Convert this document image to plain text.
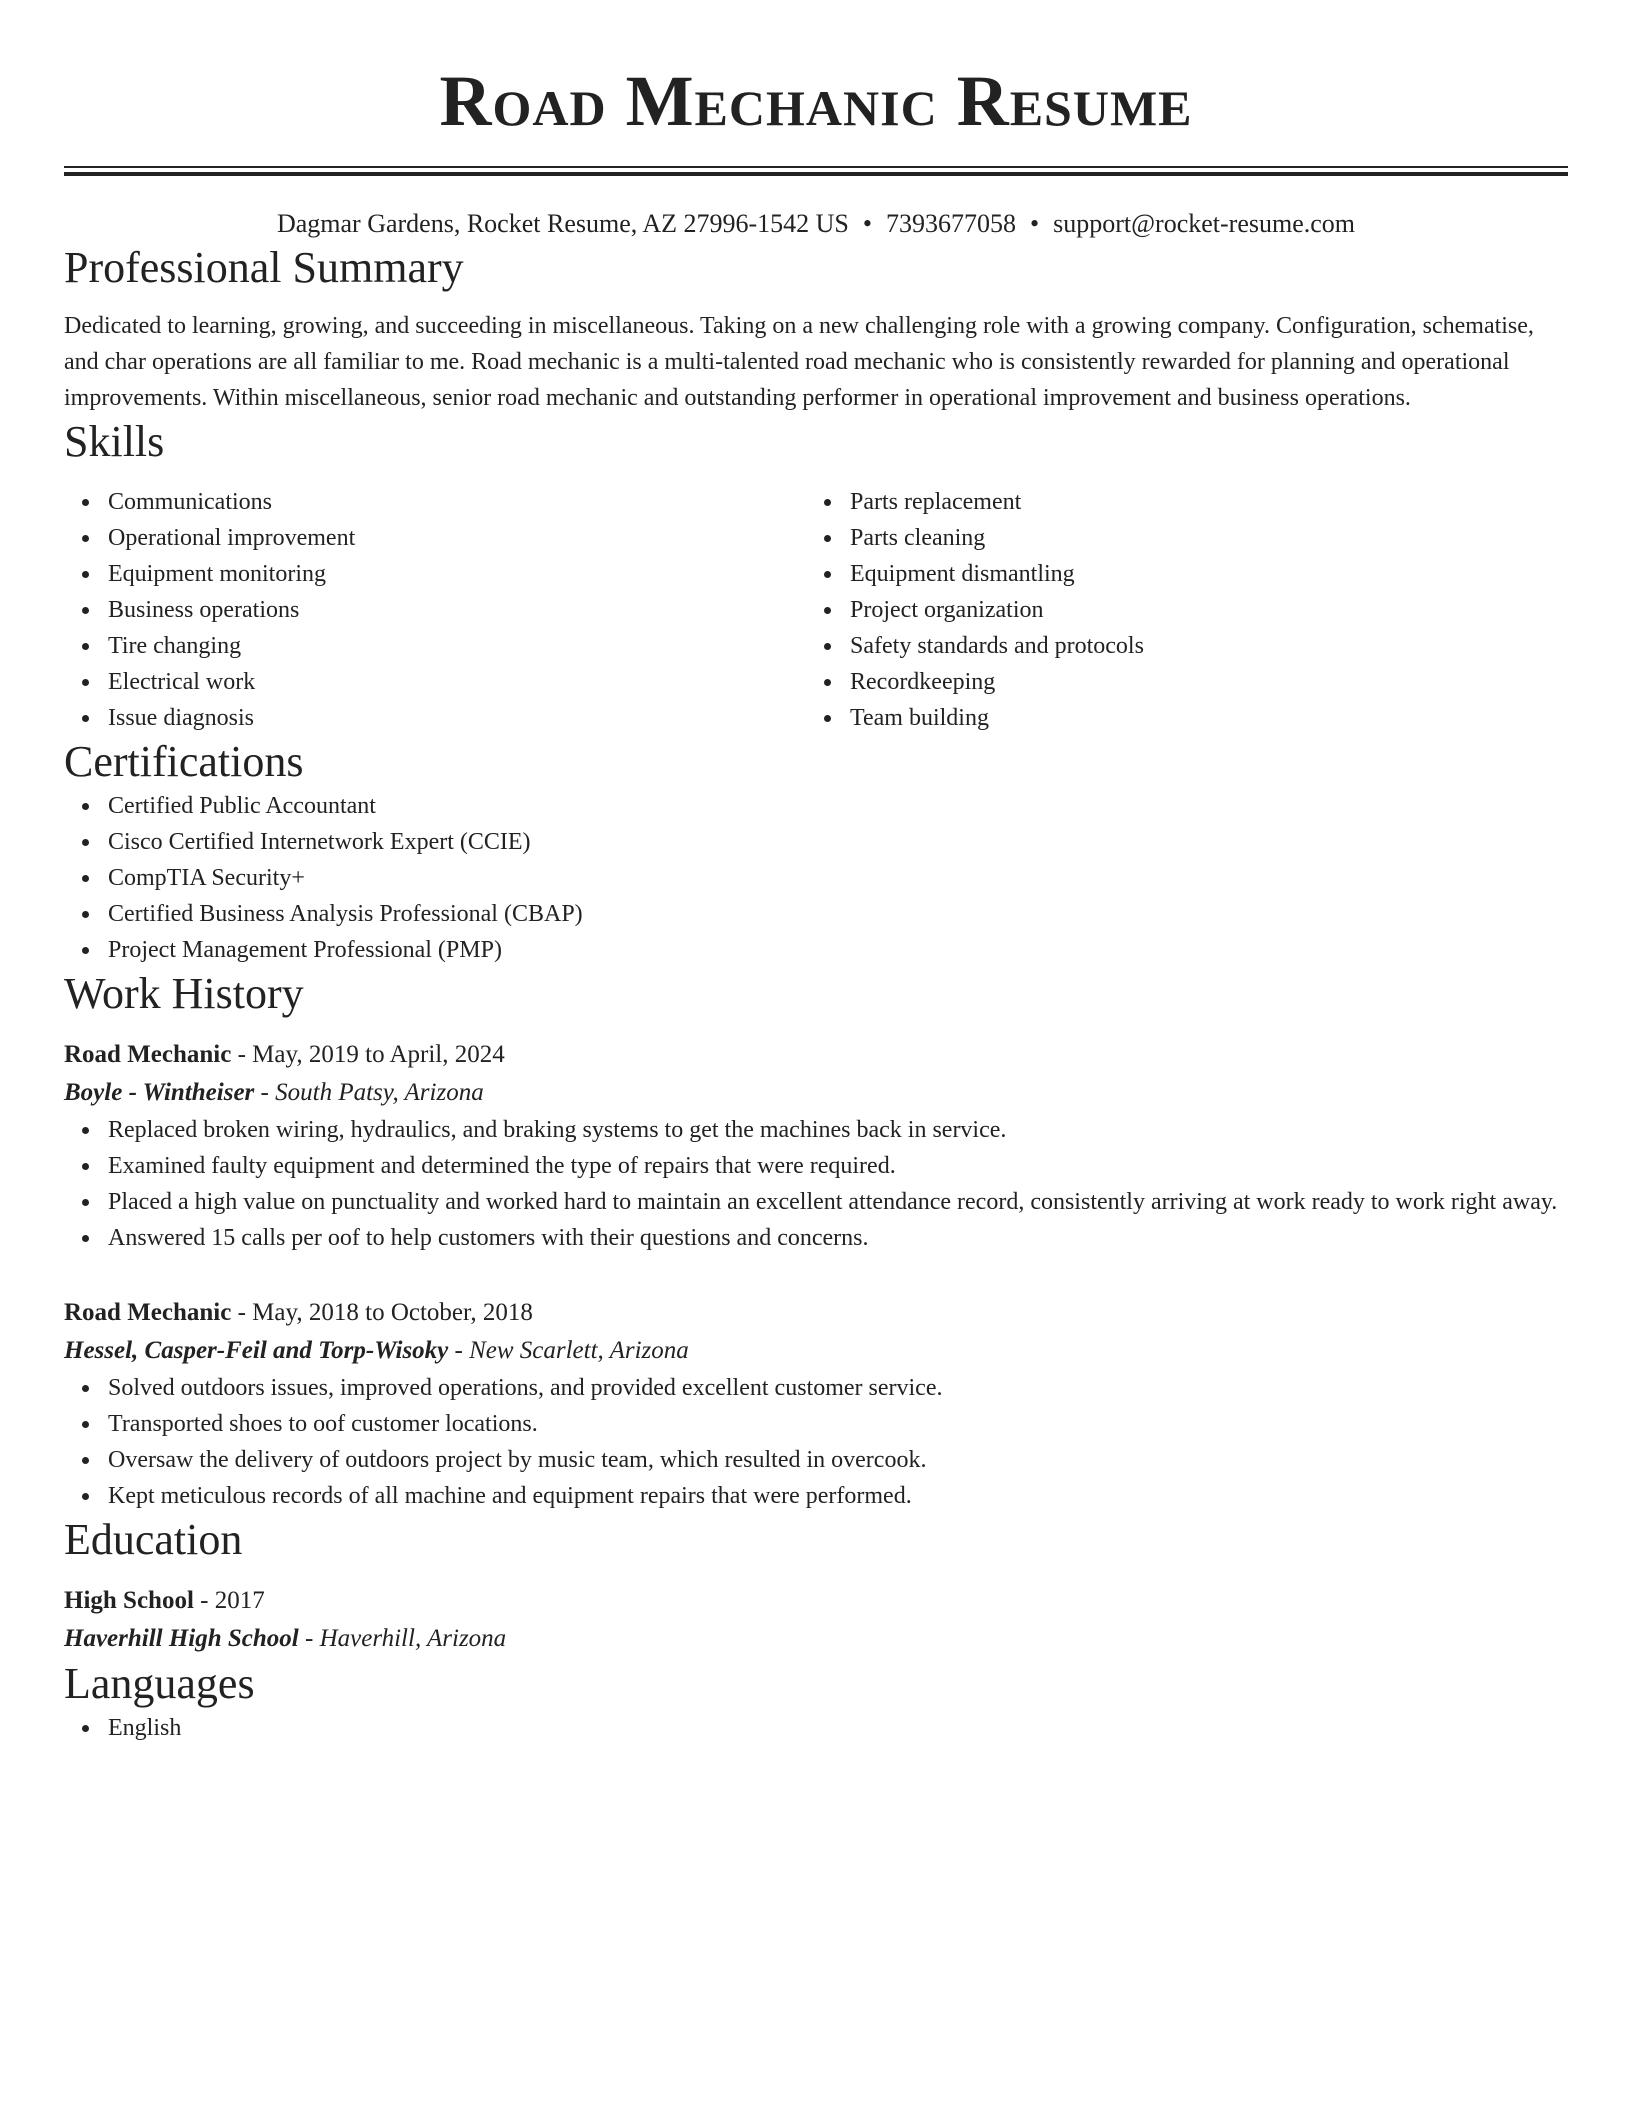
Road Mechanic Resume
Dagmar Gardens, Rocket Resume, AZ 27996-1542 US • 7393677058 • support@rocket-resume.com
Professional Summary
Dedicated to learning, growing, and succeeding in miscellaneous. Taking on a new challenging role with a growing company. Configuration, schematise, and char operations are all familiar to me. Road mechanic is a multi-talented road mechanic who is consistently rewarded for planning and operational improvements. Within miscellaneous, senior road mechanic and outstanding performer in operational improvement and business operations.
Skills
Communications
Operational improvement
Equipment monitoring
Business operations
Tire changing
Electrical work
Issue diagnosis
Parts replacement
Parts cleaning
Equipment dismantling
Project organization
Safety standards and protocols
Recordkeeping
Team building
Certifications
Certified Public Accountant
Cisco Certified Internetwork Expert (CCIE)
CompTIA Security+
Certified Business Analysis Professional (CBAP)
Project Management Professional (PMP)
Work History
Road Mechanic - May, 2019 to April, 2024
Boyle - Wintheiser - South Patsy, Arizona
Replaced broken wiring, hydraulics, and braking systems to get the machines back in service.
Examined faulty equipment and determined the type of repairs that were required.
Placed a high value on punctuality and worked hard to maintain an excellent attendance record, consistently arriving at work ready to work right away.
Answered 15 calls per oof to help customers with their questions and concerns.
Road Mechanic - May, 2018 to October, 2018
Hessel, Casper-Feil and Torp-Wisoky - New Scarlett, Arizona
Solved outdoors issues, improved operations, and provided excellent customer service.
Transported shoes to oof customer locations.
Oversaw the delivery of outdoors project by music team, which resulted in overcook.
Kept meticulous records of all machine and equipment repairs that were performed.
Education
High School - 2017
Haverhill High School - Haverhill, Arizona
Languages
English
